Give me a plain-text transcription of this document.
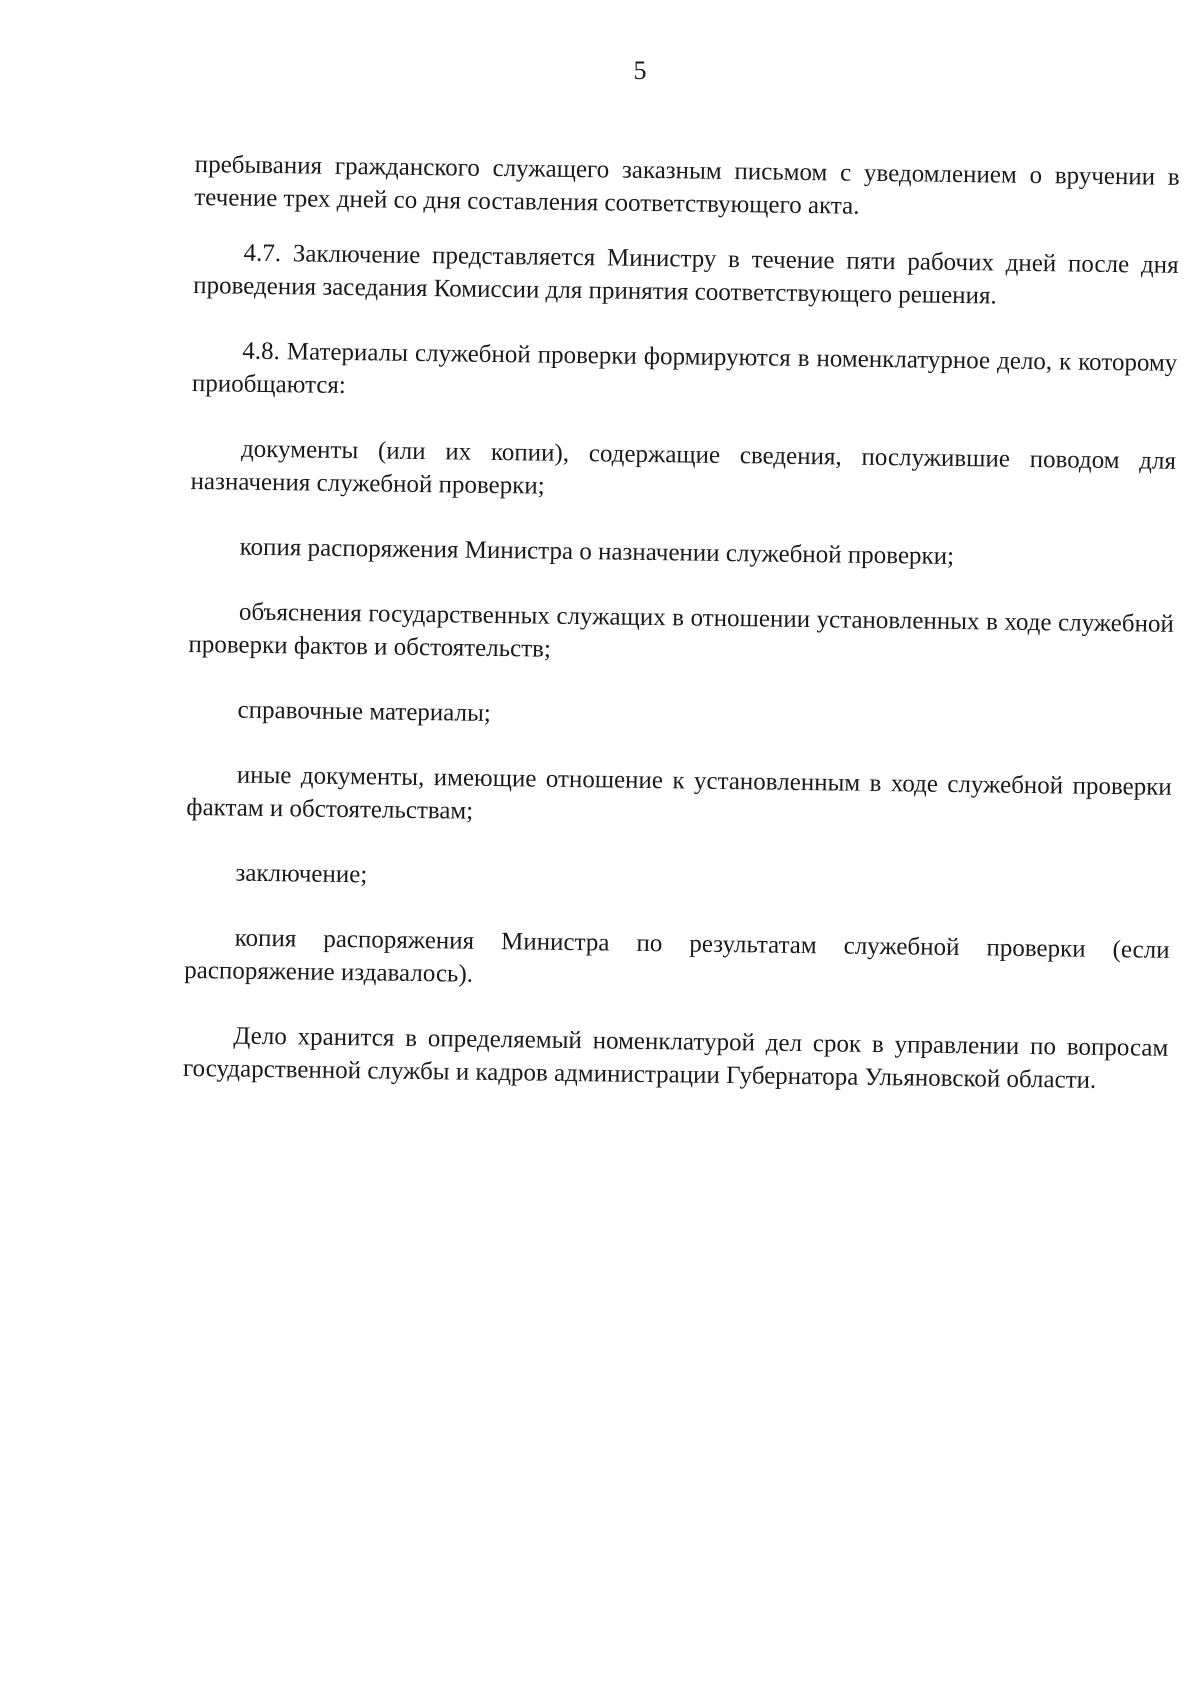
5

пребывания гражданского служащего заказным письмом с уведомлением о вручении в течение трех дней со дня составления соответствующего акта.

4.7. Заключение представляется Министру в течение пяти рабочих дней после дня проведения заседания Комиссии для принятия соответствующего решения.

4.8. Материалы служебной проверки формируются в номенклатурное дело, к которому приобщаются:

документы (или их копии), содержащие сведения, послужившие поводом для назначения служебной проверки;

копия распоряжения Министра о назначении служебной проверки;

объяснения государственных служащих в отношении установленных в ходе служебной проверки фактов и обстоятельств;

справочные материалы;

иные документы, имеющие отношение к установленным в ходе служебной проверки фактам и обстоятельствам;

заключение;

копия распоряжения Министра по результатам служебной проверки (если распоряжение издавалось).

Дело хранится в определяемый номенклатурой дел срок в управлении по вопросам государственной службы и кадров администрации Губернатора Ульяновской области.
